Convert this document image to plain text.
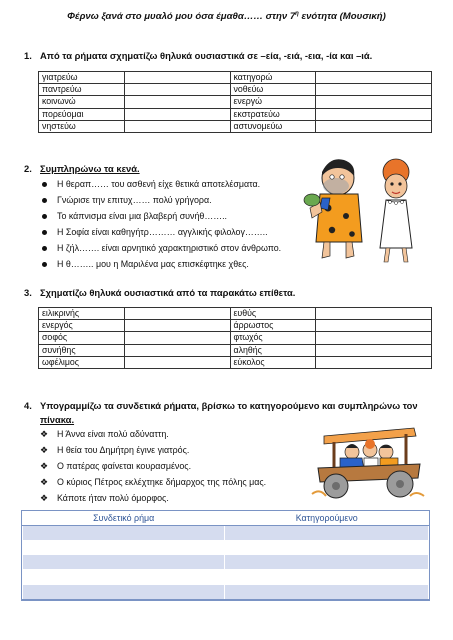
Φέρνω ξανά στο μυαλό μου όσα έμαθα…… στην $7^\eta$ ενότητα (Μουσική)
1. Από τα ρήματα σχηματίζω θηλυκά ουσιαστικά σε –εία, -ειά, -εια, -ία και –ιά.
γιατρεύω		κατηγορώ	
παντρεύω		νοθεύω	
κοινωνώ		ενεργώ	
πορεύομαι		εκστρατεύω	
νηστεύω		αστυνομεύω	
2. Συμπληρώνω τα κενά.
Η θεραπ…… του ασθενή είχε θετικά αποτελέσματα.
Γνώρισε την επιτυχ…… πολύ γρήγορα.
Το κάπνισμα είναι μια βλαβερή συνήθ……..
Η Σοφία είναι καθηγήτρ……… αγγλικής φιλολογ……..
Η ζήλ……. είναι αρνητικό χαρακτηριστικό στον άνθρωπο.
Η θ…….. μου η Μαριλένα μας επισκέφτηκε χθες.
3. Σχηματίζω θηλυκά ουσιαστικά από τα παρακάτω επίθετα.
ειλικρινής		ευθύς	
ενεργός		άρρωστος	
σοφός		φτωχός	
συνήθης		αληθής	
ωφέλιμος		εύκολος	
4. Υπογραμμίζω τα συνδετικά ρήματα, βρίσκω το κατηγορούμενο και συμπληρώνω τον
πίνακα.
❖ Η Άννα είναι πολύ αδύναττη.
❖ Η θεία του Δημήτρη έγινε γιατρός.
❖ Ο πατέρας φαίνεται κουρασμένος.
❖ Ο κύριος Πέτρος εκλέχτηκε δήμαρχος της πόλης μας.
❖ Κάποτε ήταν πολύ όμορφος.
Συνδετικό ρήμα	Κατηγορούμενο
